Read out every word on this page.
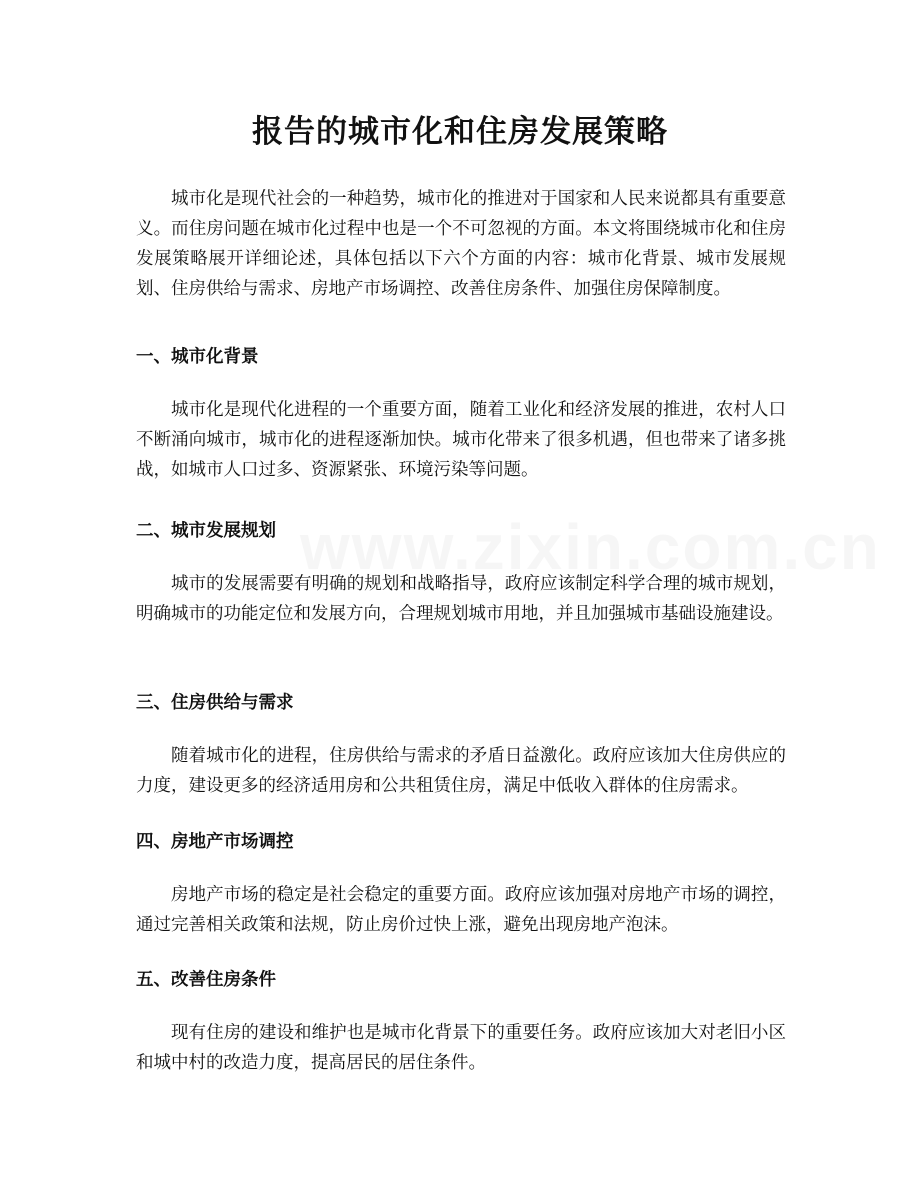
报告的城市化和住房发展策略

城市化是现代社会的一种趋势，城市化的推进对于国家和人民来说都具有重要意义。而住房问题在城市化过程中也是一个不可忽视的方面。本文将围绕城市化和住房发展策略展开详细论述，具体包括以下六个方面的内容：城市化背景、城市发展规划、住房供给与需求、房地产市场调控、改善住房条件、加强住房保障制度。

一、城市化背景

城市化是现代化进程的一个重要方面，随着工业化和经济发展的推进，农村人口不断涌向城市，城市化的进程逐渐加快。城市化带来了很多机遇，但也带来了诸多挑战，如城市人口过多、资源紧张、环境污染等问题。

二、城市发展规划

城市的发展需要有明确的规划和战略指导，政府应该制定科学合理的城市规划，明确城市的功能定位和发展方向，合理规划城市用地，并且加强城市基础设施建设。

三、住房供给与需求

随着城市化的进程，住房供给与需求的矛盾日益激化。政府应该加大住房供应的力度，建设更多的经济适用房和公共租赁住房，满足中低收入群体的住房需求。

四、房地产市场调控

房地产市场的稳定是社会稳定的重要方面。政府应该加强对房地产市场的调控，通过完善相关政策和法规，防止房价过快上涨，避免出现房地产泡沫。

五、改善住房条件

现有住房的建设和维护也是城市化背景下的重要任务。政府应该加大对老旧小区和城中村的改造力度，提高居民的居住条件。
